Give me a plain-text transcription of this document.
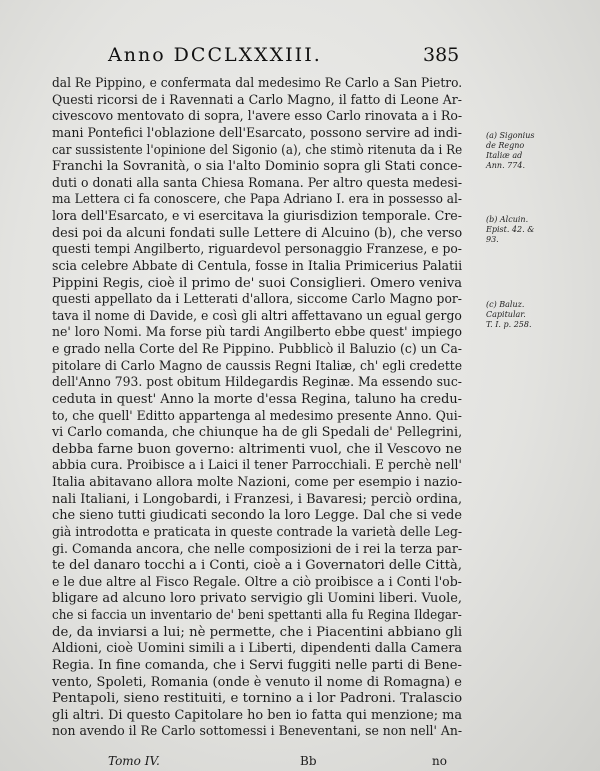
Anno DCCLXXXIII.	385
dal Re Pippino, e confermata dal medesimo Re Carlo a San Pietro.
Questi ricorsi de i Ravennati a Carlo Magno, il fatto di Leone Ar-
civescovo mentovato di sopra, l'avere esso Carlo rinovata a i Ro-
mani Pontefici l'oblazione dell'Esarcato, possono servire ad indi-
car sussistente l'opinione del Sigonio (a), che stimò ritenuta da i Re
Franchi la Sovranità, o sia l'alto Dominio sopra gli Stati conce-
duti o donati alla santa Chiesa Romana. Per altro questa medesi-
ma Lettera ci fa conoscere, che Papa Adriano I. era in possesso al-
lora dell'Esarcato, e vi esercitava la giurisdizion temporale. Cre-
desi poi da alcuni fondati sulle Lettere di Alcuino (b), che verso
questi tempi Angilberto, riguardevol personaggio Franzese, e po-
scia celebre Abbate di Centula, fosse in Italia Primicerius Palatii
Pippini Regis, cioè il primo de' suoi Consiglieri. Omero veniva
questi appellato da i Letterati d'allora, siccome Carlo Magno por-
tava il nome di Davide, e così gli altri affettavano un egual gergo
ne' loro Nomi. Ma forse più tardi Angilberto ebbe quest' impiego
e grado nella Corte del Re Pippino. Pubblicò il Baluzio (c) un Ca-
pitolare di Carlo Magno de caussis Regni Italiæ, ch' egli credette
dell'Anno 793. post obitum Hildegardis Reginæ. Ma essendo suc-
ceduta in quest' Anno la morte d'essa Regina, taluno ha credu-
to, che quell' Editto appartenga al medesimo presente Anno. Qui-
vi Carlo comanda, che chiunque ha de gli Spedali de' Pellegrini,
debba farne buon governo: altrimenti vuol, che il Vescovo ne
abbia cura. Proibisce a i Laici il tener Parrocchiali. E perchè nell'
Italia abitavano allora molte Nazioni, come per esempio i nazio-
nali Italiani, i Longobardi, i Franzesi, i Bavaresi; perciò ordina,
che sieno tutti giudicati secondo la loro Legge. Dal che si vede
già introdotta e praticata in queste contrade la varietà delle Leg-
gi. Comanda ancora, che nelle composizioni de i rei la terza par-
te del danaro tocchi a i Conti, cioè a i Governatori delle Città,
e le due altre al Fisco Regale. Oltre a ciò proibisce a i Conti l'ob-
bligare ad alcuno loro privato servigio gli Uomini liberi. Vuole,
che si faccia un inventario de' beni spettanti alla fu Regina Ildegar-
de, da inviarsi a lui; nè permette, che i Piacentini abbiano gli
Aldioni, cioè Uomini simili a i Liberti, dipendenti dalla Camera
Regia. In fine comanda, che i Servi fuggiti nelle parti di Bene-
vento, Spoleti, Romania (onde è venuto il nome di Romagna) e
Pentapoli, sieno restituiti, e tornino a i lor Padroni. Tralascio
gli altri. Di questo Capitolare ho ben io fatta qui menzione; ma
non avendo il Re Carlo sottomessi i Beneventani, se non nell' An-
(a) Sigonius
de Regno
Italiæ ad
Ann. 774.
(b) Alcuin.
Epist. 42. &
93.
(c) Baluz.
Capitular.
T. I. p. 258.
Tomo IV.	Bb	no
